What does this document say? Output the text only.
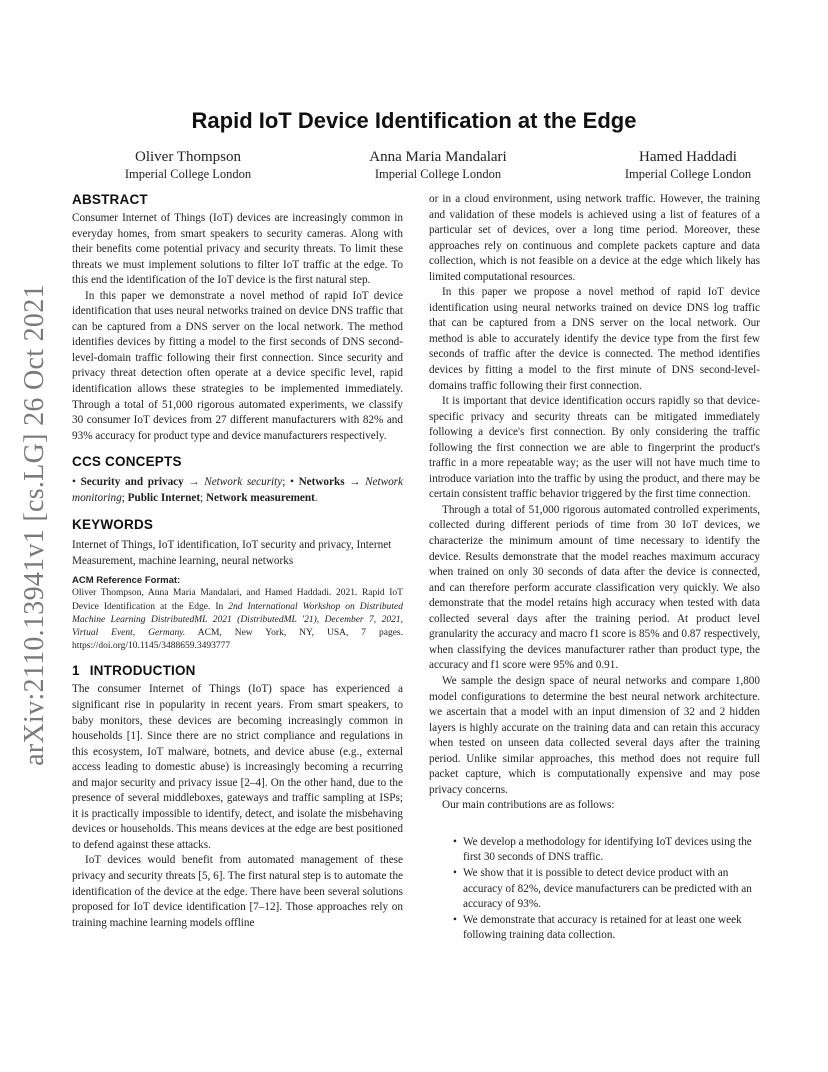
arXiv:2110.13941v1 [cs.LG] 26 Oct 2021
Rapid IoT Device Identification at the Edge
Oliver Thompson
Imperial College London
Anna Maria Mandalari
Imperial College London
Hamed Haddadi
Imperial College London
ABSTRACT

Consumer Internet of Things (IoT) devices are increasingly common in everyday homes, from smart speakers to security cameras. Along with their benefits come potential privacy and security threats. To limit these threats we must implement solutions to filter IoT traffic at the edge. To this end the identification of the IoT device is the first natural step.

In this paper we demonstrate a novel method of rapid IoT device identification that uses neural networks trained on device DNS traffic that can be captured from a DNS server on the local network. The method identifies devices by fitting a model to the first seconds of DNS second-level-domain traffic following their first connection. Since security and privacy threat detection often operate at a device specific level, rapid identification allows these strategies to be implemented immediately. Through a total of 51,000 rigorous automated experiments, we classify 30 consumer IoT devices from 27 different manufacturers with 82% and 93% accuracy for product type and device manufacturers respectively.

CCS CONCEPTS

• Security and privacy → Network security; • Networks → Network monitoring; Public Internet; Network measurement.

KEYWORDS

Internet of Things, IoT identification, IoT security and privacy, Internet Measurement, machine learning, neural networks

ACM Reference Format:

Oliver Thompson, Anna Maria Mandalari, and Hamed Haddadi. 2021. Rapid IoT Device Identification at the Edge. In 2nd International Workshop on Distributed Machine Learning DistributedML 2021 (DistributedML '21), December 7, 2021, Virtual Event, Germany. ACM, New York, NY, USA, 7 pages. https://doi.org/10.1145/3488659.3493777

1 INTRODUCTION

The consumer Internet of Things (IoT) space has experienced a significant rise in popularity in recent years. From smart speakers, to baby monitors, these devices are becoming increasingly common in households [1]. Since there are no strict compliance and regulations in this ecosystem, IoT malware, botnets, and device abuse (e.g., external access leading to domestic abuse) is increasingly becoming a recurring and major security and privacy issue [2–4]. On the other hand, due to the presence of several middleboxes, gateways and traffic sampling at ISPs; it is practically impossible to identify, detect, and isolate the misbehaving devices or households. This means devices at the edge are best positioned to defend against these attacks.

IoT devices would benefit from automated management of these privacy and security threats [5, 6]. The first natural step is to automate the identification of the device at the edge. There have been several solutions proposed for IoT device identification [7–12]. Those approaches rely on training machine learning models offline

or in a cloud environment, using network traffic. However, the training and validation of these models is achieved using a list of features of a particular set of devices, over a long time period. Moreover, these approaches rely on continuous and complete packets capture and data collection, which is not feasible on a device at the edge which likely has limited computational resources.

In this paper we propose a novel method of rapid IoT device identification using neural networks trained on device DNS log traffic that can be captured from a DNS server on the local network. Our method is able to accurately identify the device type from the first few seconds of traffic after the device is connected. The method identifies devices by fitting a model to the first minute of DNS second-level-domains traffic following their first connection.

It is important that device identification occurs rapidly so that device-specific privacy and security threats can be mitigated immediately following a device's first connection. By only considering the traffic following the first connection we are able to fingerprint the product's traffic in a more repeatable way; as the user will not have much time to introduce variation into the traffic by using the product, and there may be certain consistent traffic behavior triggered by the first time connection.

Through a total of 51,000 rigorous automated controlled experiments, collected during different periods of time from 30 IoT devices, we characterize the minimum amount of time necessary to identify the device. Results demonstrate that the model reaches maximum accuracy when trained on only 30 seconds of data after the device is connected, and can therefore perform accurate classification very quickly. We also demonstrate that the model retains high accuracy when tested with data collected several days after the training period. At product level granularity the accuracy and macro f1 score is 85% and 0.87 respectively, when classifying the devices manufacturer rather than product type, the accuracy and f1 score were 95% and 0.91.

We sample the design space of neural networks and compare 1,800 model configurations to determine the best neural network architecture. we ascertain that a model with an input dimension of 32 and 2 hidden layers is highly accurate on the training data and can retain this accuracy when tested on unseen data collected several days after the training period. Unlike similar approaches, this method does not require full packet capture, which is computationally expensive and may pose privacy concerns.

Our main contributions are as follows:

• We develop a methodology for identifying IoT devices using the first 30 seconds of DNS traffic.
• We show that it is possible to detect device product with an accuracy of 82%, device manufacturers can be predicted with an accuracy of 93%.
• We demonstrate that accuracy is retained for at least one week following training data collection.
